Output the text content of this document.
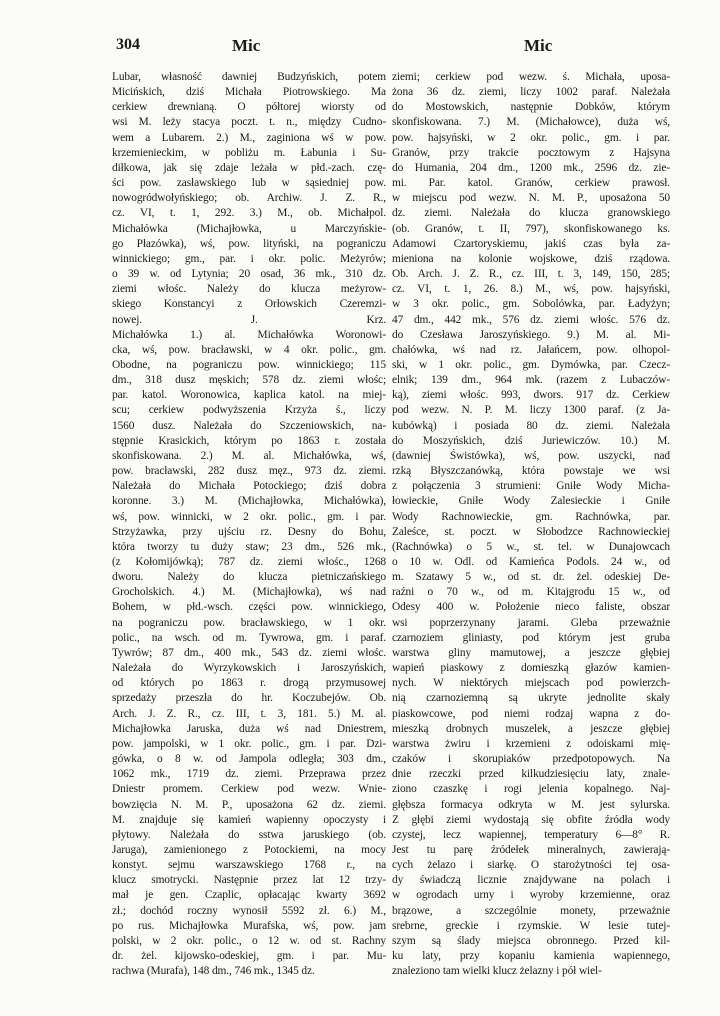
304	Mic	Mic
Lubar, własność dawniej Budzyńskich, potem
Micińskich, dziś Michała Piotrowskiego. Ma
cerkiew drewnianą. O półtorej wiorsty od
wsi M. leży stacya poczt. t. n., między Cudno-
wem a Lubarem. 2.) M., zaginiona wś w pow.
krzemienieckim, w pobliżu m. Łabunia i Su-
diłkowa, jak się zdaje leżała w płd.-zach. czę-
ści pow. zasławskiego lub w sąsiedniej pow.
nowogródwołyńskiego; ob. Archiw. J. Z. R.,
cz. VI, t. 1, 292. 3.) M., ob. Michałpol.
Michałówka (Michajłowka, u Marczyńskie-
go Płazówka), wś, pow. lityński, na pograniczu
winnickiego; gm., par. i okr. polic. Meżyrów;
o 39 w. od Lytynia; 20 osad, 36 mk., 310 dz.
ziemi włośc. Należy do klucza meżyrow-
skiego Konstancyi z Orłowskich Czeremzi-
nowej. J. Krz.
Michałówka 1.) al. Michałówka Woronowi-
cka, wś, pow. bracławski, w 4 okr. polic., gm.
Obodne, na pograniczu pow. winnickiego; 115
dm., 318 dusz męskich; 578 dz. ziemi włośc;
par. katol. Woronowica, kaplica katol. na miej-
scu; cerkiew podwyższenia Krzyża ś., liczy
1560 dusz. Należała do Szczeniowskich, na-
stępnie Krasickich, którym po 1863 r. została
skonfiskowana. 2.) M. al. Michałówka, wś,
pow. bracławski, 282 dusz męz., 973 dz. ziemi.
Należała do Michała Potockiego; dziś dobra
koronne. 3.) M. (Michajłowka, Michałówka),
wś, pow. winnicki, w 2 okr. polic., gm. i par.
Strzyżawka, przy ujściu rz. Desny do Bohu,
która tworzy tu duży staw; 23 dm., 526 mk.,
(z Kołomijówką); 787 dz. ziemi włośc., 1268
dworu. Należy do klucza pietniczańskiego
Grocholskich. 4.) M. (Michajłowka), wś nad
Bohem, w płd.-wsch. części pow. winnickiego,
na pograniczu pow. bracławskiego, w 1 okr.
polic., na wsch. od m. Tywrowa, gm. i paraf.
Tywrów; 87 dm., 400 mk., 543 dz. ziemi włośc.
Należała do Wyrzykowskich i Jaroszyńskich,
od których po 1863 r. drogą przymusowej
sprzedaży przeszła do hr. Koczubejów. Ob.
Arch. J. Z. R., cz. III, t. 3, 181. 5.) M. al.
Michajłowka Jaruska, duża wś nad Dniestrem,
pow. jampolski, w 1 okr. polic., gm. i par. Dzi-
gówka, o 8 w. od Jampola odległa; 303 dm.,
1062 mk., 1719 dz. ziemi. Przeprawa przez
Dniestr promem. Cerkiew pod wezw. Wnie-
bowzięcia N. M. P., uposażona 62 dz. ziemi.
M. znajduje się kamień wapienny opoczysty i
płytowy. Należała do sstwa jaruskiego (ob.
Jaruga), zamienionego z Potockiemi, na mocy
konstyt. sejmu warszawskiego 1768 r., na
klucz smotrycki. Następnie przez lat 12 trzy-
mał je gen. Czaplic, opłacając kwarty 3692
zł.; dochód roczny wynosił 5592 zł. 6.) M.,
po rus. Michajłowka Murafska, wś, pow. jam
polski, w 2 okr. polic., o 12 w. od st. Rachny
dr. żel. kijowsko-odeskiej, gm. i par. Mu-
rachwa (Murafa), 148 dm., 746 mk., 1345 dz.
ziemi; cerkiew pod wezw. ś. Michała, uposa-
żona 36 dz. ziemi, liczy 1002 paraf. Należała
do Mostowskich, następnie Dobków, którym
skonfiskowana. 7.) M. (Michałowce), duża wś,
pow. hajsyński, w 2 okr. polic., gm. i par.
Granów, przy trakcie pocztowym z Hajsyna
do Humania, 204 dm., 1200 mk., 2596 dz. zie-
mi. Par. katol. Granów, cerkiew prawosł.
w miejscu pod wezw. N. M. P., uposażona 50
dz. ziemi. Należała do klucza granowskiego
(ob. Granów, t. II, 797), skonfiskowanego ks.
Adamowi Czartoryskiemu, jakiś czas była za-
mieniona na kolonie wojskowe, dziś rządowa.
Ob. Arch. J. Z. R., cz. III, t. 3, 149, 150, 285;
cz. VI, t. 1, 26. 8.) M., wś, pow. hajsyński,
w 3 okr. polic., gm. Sobolówka, par. Ładyżyn;
47 dm., 442 mk., 576 dz. ziemi włośc. 576 dz.
do Czesława Jaroszyńskiego. 9.) M. al. Mi-
chałówka, wś nad rz. Jałańcem, pow. olhopol-
ski, w 1 okr. polic., gm. Dymówka, par. Czecz-
elnik; 139 dm., 964 mk. (razem z Lubaczów-
ką), ziemi włośc. 993, dwors. 917 dz. Cerkiew
pod wezw. N. P. M. liczy 1300 paraf. (z Ja-
kubówką) i posiada 80 dz. ziemi. Należała
do Moszyńskich, dziś Juriewiczów. 10.) M.
(dawniej Świstówka), wś, pow. uszycki, nad
rzką Błyszczanówką, która powstaje we wsi
z połączenia 3 strumieni: Gniłe Wody Micha-
łowieckie, Gniłe Wody Zalesieckie i Gniłe
Wody Rachnowieckie, gm. Rachnówka, par.
Zaleśce, st. poczt. w Słobodzce Rachnowieckiej
(Rachnówka) o 5 w., st. tel. w Dunajowcach
o 10 w. Odl. od Kamieńca Podols. 24 w., od
m. Szatawy 5 w., od st. dr. żel. odeskiej De-
raźni o 70 w., od m. Kitajgrodu 15 w., od
Odesy 400 w. Położenie nieco faliste, obszar
wsi poprzerzynany jarami. Gleba przeważnie
czarnoziem gliniasty, pod którym jest gruba
warstwa gliny mamutowej, a jeszcze głębiej
wapień piaskowy z domieszką głazów kamien-
nych. W niektórych miejscach pod powierzch-
nią czarnoziemną są ukryte jednolite skały
piaskowcowe, pod niemi rodzaj wapna z do-
mieszką drobnych muszelek, a jeszcze głębiej
warstwa żwiru i krzemieni z odoiskami mię-
czaków i skorupiaków przedpotopowych. Na
dnie rzeczki przed kilkudziesięciu laty, znale-
ziono czaszkę i rogi jelenia kopalnego. Naj-
głębsza formacya odkryta w M. jest sylurska.
Z głębi ziemi wydostają się obfite źródła wody
czystej, lecz wapiennej, temperatury 6—8° R.
Jest tu parę źródełek mineralnych, zawierają-
cych żelazo i siarkę. O starożytności tej osa-
dy świadczą licznie znajdywane na polach i
w ogrodach urny i wyroby krzemienne, oraz
brązowe, a szczególnie monety, przeważnie
srebrne, greckie i rzymskie. W lesie tutej-
szym są ślady miejsca obronnego. Przed kil-
ku laty, przy kopaniu kamienia wapiennego,
znaleziono tam wielki klucz żelazny i pół wiel-
